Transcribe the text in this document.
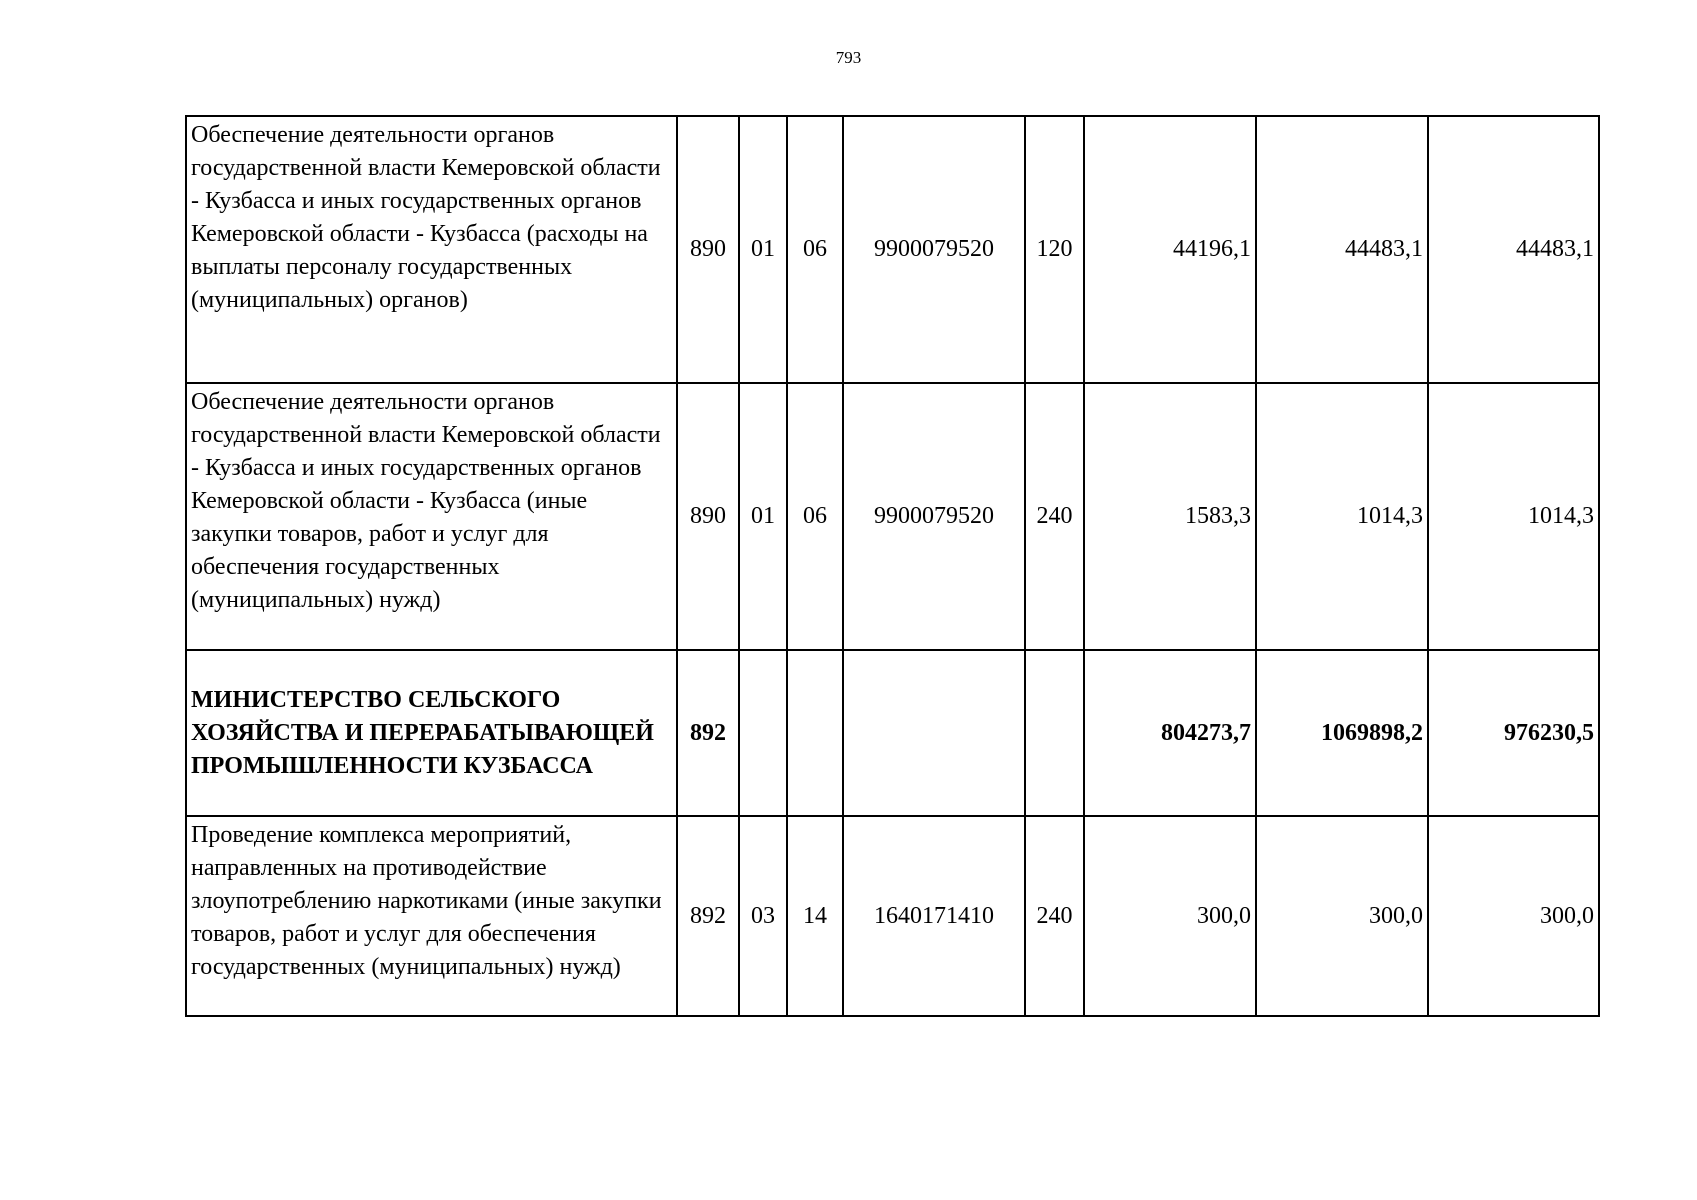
793
Обеспечение деятельности органов государственной власти Кемеровской области - Кузбасса и иных государственных органов Кемеровской области - Кузбасса (расходы на выплаты персоналу государственных (муниципальных) органов)	890	01	06	9900079520	120	44196,1	44483,1	44483,1
Обеспечение деятельности органов государственной власти Кемеровской области - Кузбасса и иных государственных органов Кемеровской области - Кузбасса (иные закупки товаров, работ и услуг для обеспечения государственных (муниципальных) нужд)	890	01	06	9900079520	240	1583,3	1014,3	1014,3
МИНИСТЕРСТВО СЕЛЬСКОГО ХОЗЯЙСТВА И ПЕРЕРАБАТЫВАЮЩЕЙ ПРОМЫШЛЕННОСТИ КУЗБАССА	892					804273,7	1069898,2	976230,5
Проведение комплекса мероприятий, направленных на противодействие злоупотреблению наркотиками (иные закупки товаров, работ и услуг для обеспечения государственных (муниципальных) нужд)	892	03	14	1640171410	240	300,0	300,0	300,0
